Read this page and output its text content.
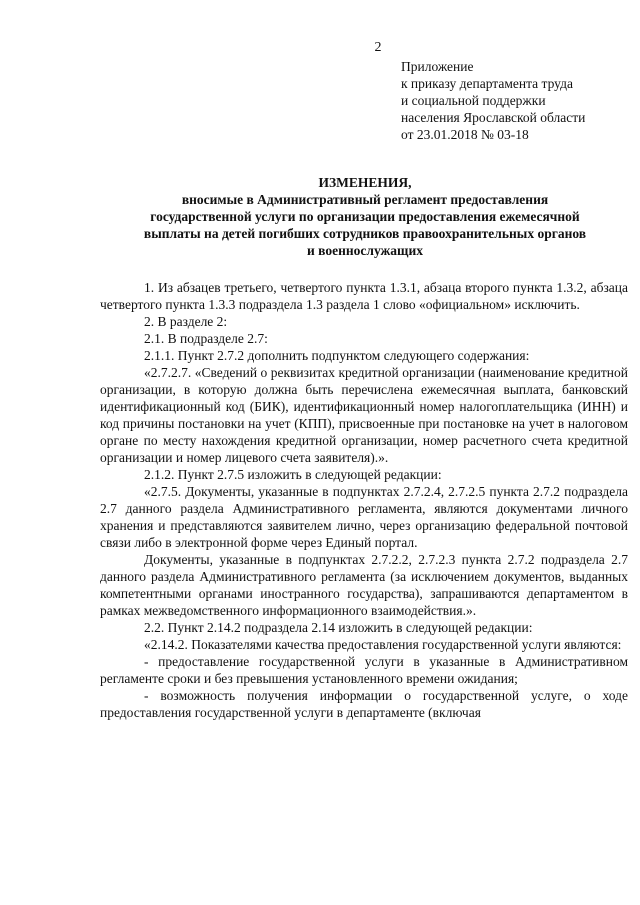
2
Приложение
к приказу департамента труда
и социальной поддержки
населения Ярославской области
от 23.01.2018 № 03-18
ИЗМЕНЕНИЯ,
вносимые в Административный регламент предоставления
государственной услуги по организации предоставления ежемесячной
выплаты на детей погибших сотрудников правоохранительных органов
и военнослужащих

1. Из абзацев третьего, четвертого пункта 1.3.1, абзаца второго пункта 1.3.2, абзаца четвертого пункта 1.3.3 подраздела 1.3 раздела 1 слово «официальном» исключить.

2. В разделе 2:

2.1. В подразделе 2.7:

2.1.1. Пункт 2.7.2 дополнить подпунктом следующего содержания:

«2.7.2.7. «Сведений о реквизитах кредитной организации (наименование кредитной организации, в которую должна быть перечислена ежемесячная выплата, банковский идентификационный код (БИК), идентификационный номер налогоплательщика (ИНН) и код причины постановки на учет (КПП), присвоенные при постановке на учет в налоговом органе по месту нахождения кредитной организации, номер расчетного счета кредитной организации и номер лицевого счета заявителя).».

2.1.2. Пункт 2.7.5 изложить в следующей редакции:

«2.7.5. Документы, указанные в подпунктах 2.7.2.4, 2.7.2.5 пункта 2.7.2 подраздела 2.7 данного раздела Административного регламента, являются документами личного хранения и представляются заявителем лично, через организацию федеральной почтовой связи либо в электронной форме через Единый портал.

Документы, указанные в подпунктах 2.7.2.2, 2.7.2.3 пункта 2.7.2 подраздела 2.7 данного раздела Административного регламента (за исключением документов, выданных компетентными органами иностранного государства), запрашиваются департаментом в рамках межведомственного информационного взаимодействия.».

2.2. Пункт 2.14.2 подраздела 2.14 изложить в следующей редакции:

«2.14.2. Показателями качества предоставления государственной услуги являются:

- предоставление государственной услуги в указанные в Административном регламенте сроки и без превышения установленного времени ожидания;

- возможность получения информации о государственной услуге, о ходе предоставления государственной услуги в департаменте (включая
